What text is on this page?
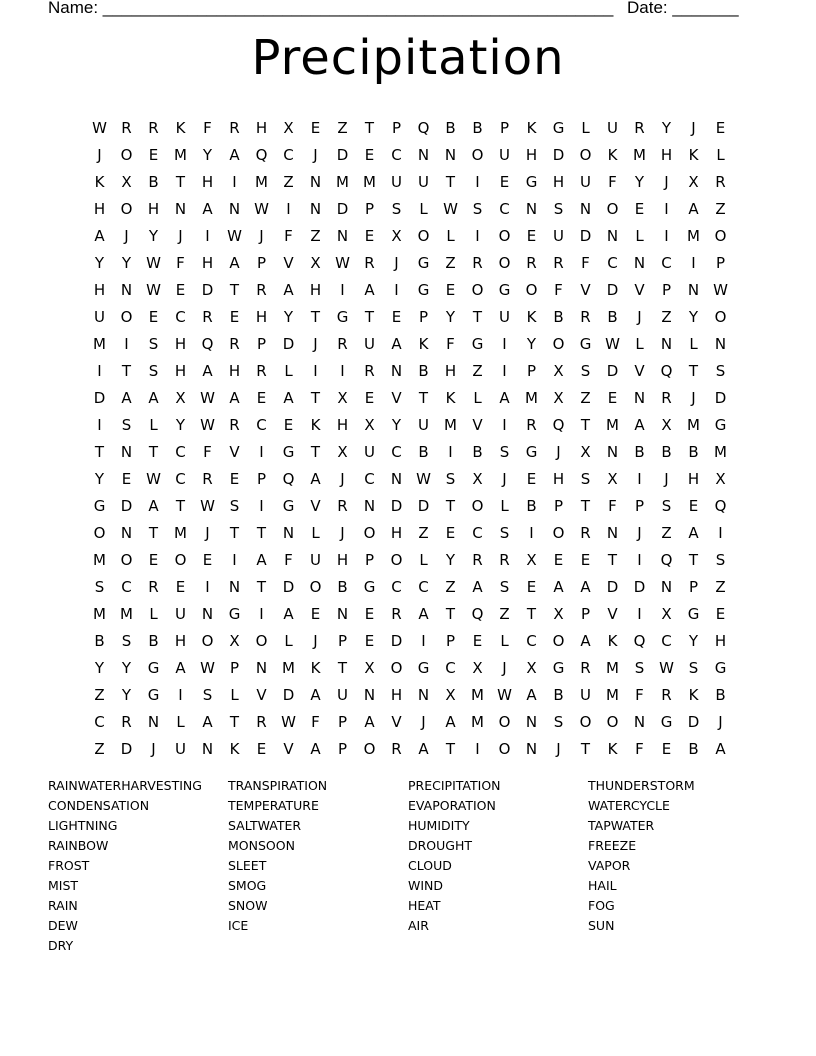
Name: ______________________________________________________ Date: _______
Precipitation
W R	R	K	F	R	H	X	E	Z	T	P	Q	B	B	P	K	G	L	U	R	Y	J	E
J	O	E	M	Y	A	Q	C	J	D	E	C	N	N	O	U	H	D	O	K	M H	K	L
K	X	B	T	H	I	M	Z	N M M	U	U	T	I	E	G	H	U	F	Y	J	X	R
H	O	H	N	A	N W	I	N	D	P	S	L	W S	C	N	S	N	O	E	I	A	Z
A	J	Y	J	I	W	J	F	Z	N	E	X	O	L	I	O	E	U	D	N	L	I	M O
Y	Y	W	F	H	A	P	V	X W R	J	G	Z	R	O	R	R	F	C	N	C	I	P
H	N W E	D	T	R	A	H	I	A	I	G	E	O	G	O	F	V	D	V	P	N W
U	O	E	C	R	E	H	Y	T	G	T	E	P	Y	T	U	K	B	R	B	J	Z	Y	O
M	I	S	H	Q	R	P	D	J	R	U	A	K	F	G	I	Y	O	G W	L	N	L	N
I	T	S	H	A	H	R	L	I	I	R	N	B	H	Z	I	P	X	S	D	V	Q	T	S
D	A	A	X W A	E	A	T	X	E	V	T	K	L	A	M	X	Z	E	N	R	J	D
I	S	L	Y	W R	C	E	K	H	X	Y	U	M	V	I	R	Q	T	M	A	X	M G
T	N	T	C	F	V	I	G	T	X	U	C	B	I	B	S	G	J	X	N	B	B	B	M
Y	E W C	R	E	P	Q	A	J	C	N W S	X	J	E	H	S	X	I	J	H	X
G	D	A	T	W S	I	G	V	R	N	D	D	T	O	L	B	P	T	F	P	S	E	Q
O	N	T	M	J	T	T	N	L	J	O	H	Z	E	C	S	I	O	R	N	J	Z	A	I
M O	E	O	E	I	A	F	U	H	P	O	L	Y	R	R	X	E	E	T	I	Q	T	S
S	C	R	E	I	N	T	D	O	B	G	C	C	Z	A	S	E	A	A	D	D	N	P	Z
M M	L	U	N	G	I	A	E	N	E	R	A	T	Q	Z	T	X	P	V	I	X	G	E
B	S	B	H	O	X	O	L	J	P	E	D	I	P	E	L	C	O	A	K	Q	C	Y	H
Y	Y	G	A W	P	N M	K	T	X	O	G	C	X	J	X	G	R	M	S W S	G
Z	Y	G	I	S	L	V	D	A	U	N	H	N	X	M W A	B	U	M	F	R	K	B
C	R	N	L	A	T	R W	F	P	A	V	J	A	M O	N	S	O	O	N	G	D	J
Z	D	J	U	N	K	E	V	A	P	O	R	A	T	I	O	N	J	T	K	F	E	B	A
RAINWATERHARVESTING	TRANSPIRATION	PRECIPITATION	THUNDERSTORM
CONDENSATION	TEMPERATURE	EVAPORATION	WATERCYCLE
LIGHTNING	SALTWATER	HUMIDITY	TAPWATER
RAINBOW	MONSOON	DROUGHT	FREEZE
FROST	SLEET	CLOUD	VAPOR
MIST	SMOG	WIND	HAIL
RAIN	SNOW	HEAT	FOG
DEW	ICE	AIR	SUN
DRY
